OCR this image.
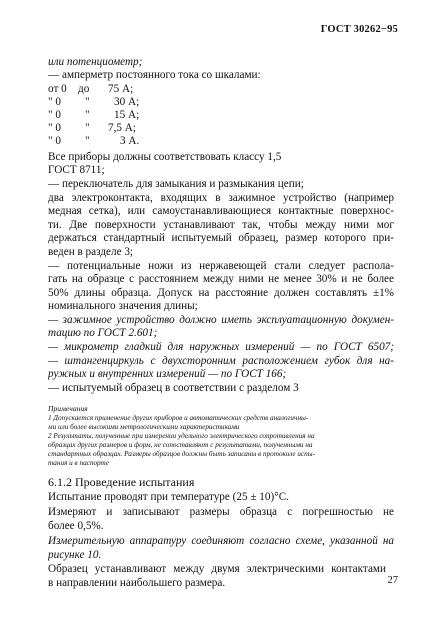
ГОСТ 30262−95
или потенциометр;
— амперметр постоянного тока со шкалами:
от 0 до 75 А;
" 0 " 30 А;
" 0 " 15 А;
" 0 " 7,5 А;
" 0 "	3 А.
Все приборы должны соответствовать классу 1,5
ГОСТ 8711;
— переключатель для замыкания и размыкания цепи;
два электроконтакта, входящих в зажимное устройство (например
медная сетка), или самоустанавливающиеся контактные поверхнос-
ти. Две поверхности устанавливают так, чтобы между ними мог
держаться стандартный испытуемый образец, размер которого при-
веден в разделе 3;
— потенциальные ножи из нержавеющей стали следует распола-
гать на образце с расстоянием между ними не менее 30% и не более
50% длины образца. Допуск на расстояние должен составлять ±1%
номинального значения длины;
— зажимное устройство должно иметь эксплуатационную докумен-
тацию по ГОСТ 2.601;
— микрометр гладкий для наружных измерений — по ГОСТ 6507;
— штангенциркуль с двухсторонним расположением губок для на-
ружных и внутренних измерений — по ГОСТ 166;
— испытуемый образец в соответствии с разделом 3
Примечания
1 Допускается применение других приборов и автоматических средств аналогичны-
ми или более высокими метрологическими характеристиками
2 Результаты, полученные при измерении удельного электрического сопротивления на
образцах других размеров и форм, не сопоставляют с результатами, полученными на
стандартных образцах. Размеры образцов должны быть записаны в протоколе испы-
тания и в паспорте
6.1.2 Проведение испытания
Испытание проводят при температуре (25 ± 10)°С.
Измеряют и записывают размеры образца с погрешностью не
более 0,5%.
Измерительную аппаратуру соединяют согласно схеме, указанной на
рисунке 10.
Образец устанавливают между двумя электрическими контактами
в направлении наибольшего размера.	27
